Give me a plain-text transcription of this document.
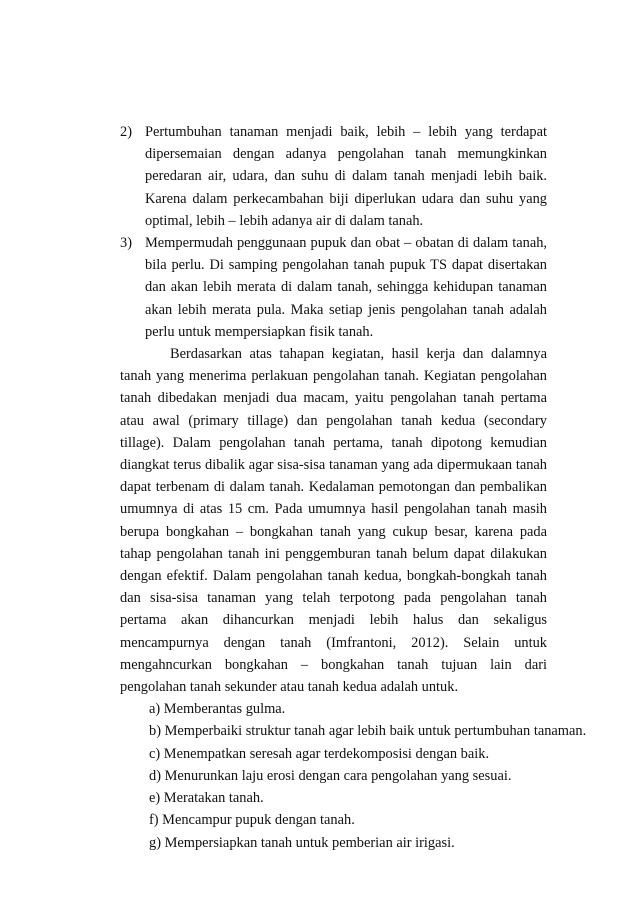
2) Pertumbuhan tanaman menjadi baik, lebih – lebih yang terdapat dipersemaian dengan adanya pengolahan tanah memungkinkan peredaran air, udara, dan suhu di dalam tanah menjadi lebih baik. Karena dalam perkecambahan biji diperlukan udara dan suhu yang optimal, lebih – lebih adanya air di dalam tanah.

3) Mempermudah penggunaan pupuk dan obat – obatan di dalam tanah, bila perlu. Di samping pengolahan tanah pupuk TS dapat disertakan dan akan lebih merata di dalam tanah, sehingga kehidupan tanaman akan lebih merata pula. Maka setiap jenis pengolahan tanah adalah perlu untuk mempersiapkan fisik tanah.

Berdasarkan atas tahapan kegiatan, hasil kerja dan dalamnya tanah yang menerima perlakuan pengolahan tanah. Kegiatan pengolahan tanah dibedakan menjadi dua macam, yaitu pengolahan tanah pertama atau awal (primary tillage) dan pengolahan tanah kedua (secondary tillage). Dalam pengolahan tanah pertama, tanah dipotong kemudian diangkat terus dibalik agar sisa-sisa tanaman yang ada dipermukaan tanah dapat terbenam di dalam tanah. Kedalaman pemotongan dan pembalikan umumnya di atas 15 cm. Pada umumnya hasil pengolahan tanah masih berupa bongkahan – bongkahan tanah yang cukup besar, karena pada tahap pengolahan tanah ini penggemburan tanah belum dapat dilakukan dengan efektif. Dalam pengolahan tanah kedua, bongkah-bongkah tanah dan sisa-sisa tanaman yang telah terpotong pada pengolahan tanah pertama akan dihancurkan menjadi lebih halus dan sekaligus mencampurnya dengan tanah (Imfrantoni, 2012). Selain untuk mengahncurkan bongkahan – bongkahan tanah tujuan lain dari pengolahan tanah sekunder atau tanah kedua adalah untuk.

a) Memberantas gulma.
b) Memperbaiki struktur tanah agar lebih baik untuk pertumbuhan tanaman.
c) Menempatkan seresah agar terdekomposisi dengan baik.
d) Menurunkan laju erosi dengan cara pengolahan yang sesuai.
e) Meratakan tanah.
f) Mencampur pupuk dengan tanah.
g) Mempersiapkan tanah untuk pemberian air irigasi.
